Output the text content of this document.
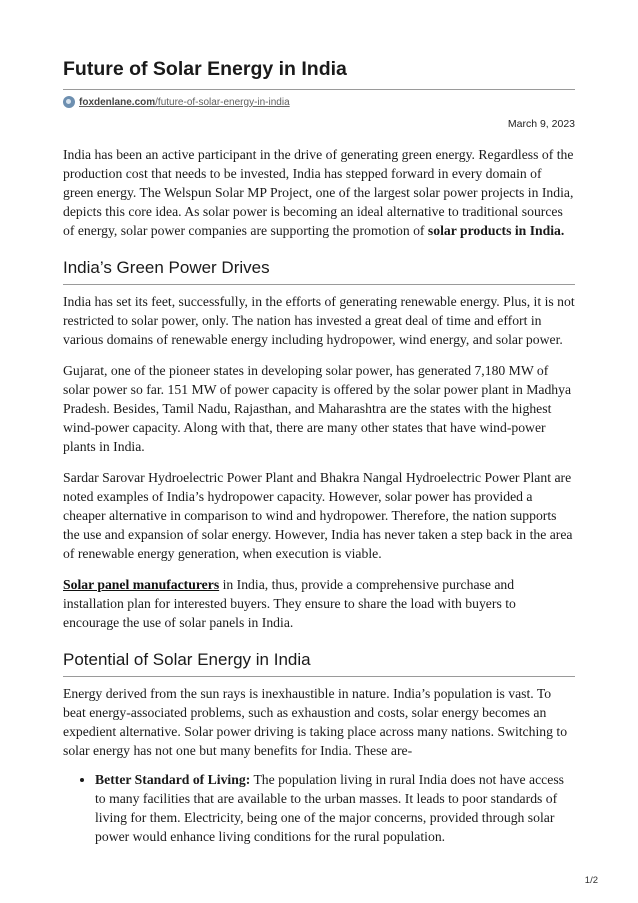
Future of Solar Energy in India
foxdenlane.com/future-of-solar-energy-in-india
March 9, 2023

India has been an active participant in the drive of generating green energy. Regardless of the production cost that needs to be invested, India has stepped forward in every domain of green energy. The Welspun Solar MP Project, one of the largest solar power projects in India, depicts this core idea. As solar power is becoming an ideal alternative to traditional sources of energy, solar power companies are supporting the promotion of solar products in India.

India’s Green Power Drives

India has set its feet, successfully, in the efforts of generating renewable energy. Plus, it is not restricted to solar power, only. The nation has invested a great deal of time and effort in various domains of renewable energy including hydropower, wind energy, and solar power.

Gujarat, one of the pioneer states in developing solar power, has generated 7,180 MW of solar power so far. 151 MW of power capacity is offered by the solar power plant in Madhya Pradesh. Besides, Tamil Nadu, Rajasthan, and Maharashtra are the states with the highest wind-power capacity. Along with that, there are many other states that have wind-power plants in India.

Sardar Sarovar Hydroelectric Power Plant and Bhakra Nangal Hydroelectric Power Plant are noted examples of India’s hydropower capacity. However, solar power has provided a cheaper alternative in comparison to wind and hydropower. Therefore, the nation supports the use and expansion of solar energy. However, India has never taken a step back in the area of renewable energy generation, when execution is viable.

Solar panel manufacturers in India, thus, provide a comprehensive purchase and installation plan for interested buyers. They ensure to share the load with buyers to encourage the use of solar panels in India.

Potential of Solar Energy in India

Energy derived from the sun rays is inexhaustible in nature. India’s population is vast. To beat energy-associated problems, such as exhaustion and costs, solar energy becomes an expedient alternative. Solar power driving is taking place across many nations. Switching to solar energy has not one but many benefits for India. These are-

• Better Standard of Living: The population living in rural India does not have access to many facilities that are available to the urban masses. It leads to poor standards of living for them. Electricity, being one of the major concerns, provided through solar power would enhance living conditions for the rural population.
1/2
